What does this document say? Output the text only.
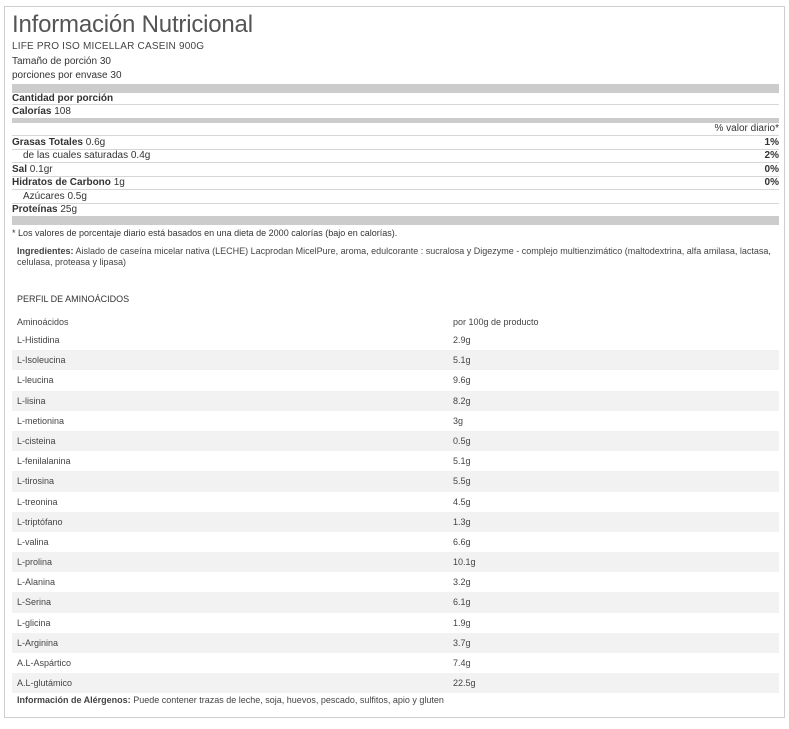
Información Nutricional
LIFE PRO ISO MICELLAR CASEIN 900G
Tamaño de porción 30
porciones por envase 30
Cantidad por porción
Calorías 108
% valor diario*
Grasas Totales 0.6g	1%
de las cuales saturadas 0.4g	2%
Sal 0.1gr	0%
Hidratos de Carbono 1g	0%
Azúcares 0.5g
Proteínas 25g
* Los valores de porcentaje diario está basados en una dieta de 2000 calorías (bajo en calorías).
Ingredientes: Aislado de caseína micelar nativa (LECHE) Lacprodan MicelPure, aroma, edulcorante : sucralosa y Digezyme - complejo multienzimático (maltodextrina, alfa amilasa, lactasa, celulasa, proteasa y lipasa)
PERFIL DE AMINOÁCIDOS
Aminoácidos	por 100g de producto
L-Histidina	2.9g
L-Isoleucina	5.1g
L-leucina	9.6g
L-lisina	8.2g
L-metionina	3g
L-cisteina	0.5g
L-fenilalanina	5.1g
L-tirosina	5.5g
L-treonina	4.5g
L-triptófano	1.3g
L-valina	6.6g
L-prolina	10.1g
L-Alanina	3.2g
L-Serina	6.1g
L-glicina	1.9g
L-Arginina	3.7g
A.L-Aspártico	7.4g
A.L-glutámico	22.5g
Información de Alérgenos: Puede contener trazas de leche, soja, huevos, pescado, sulfitos, apio y gluten
